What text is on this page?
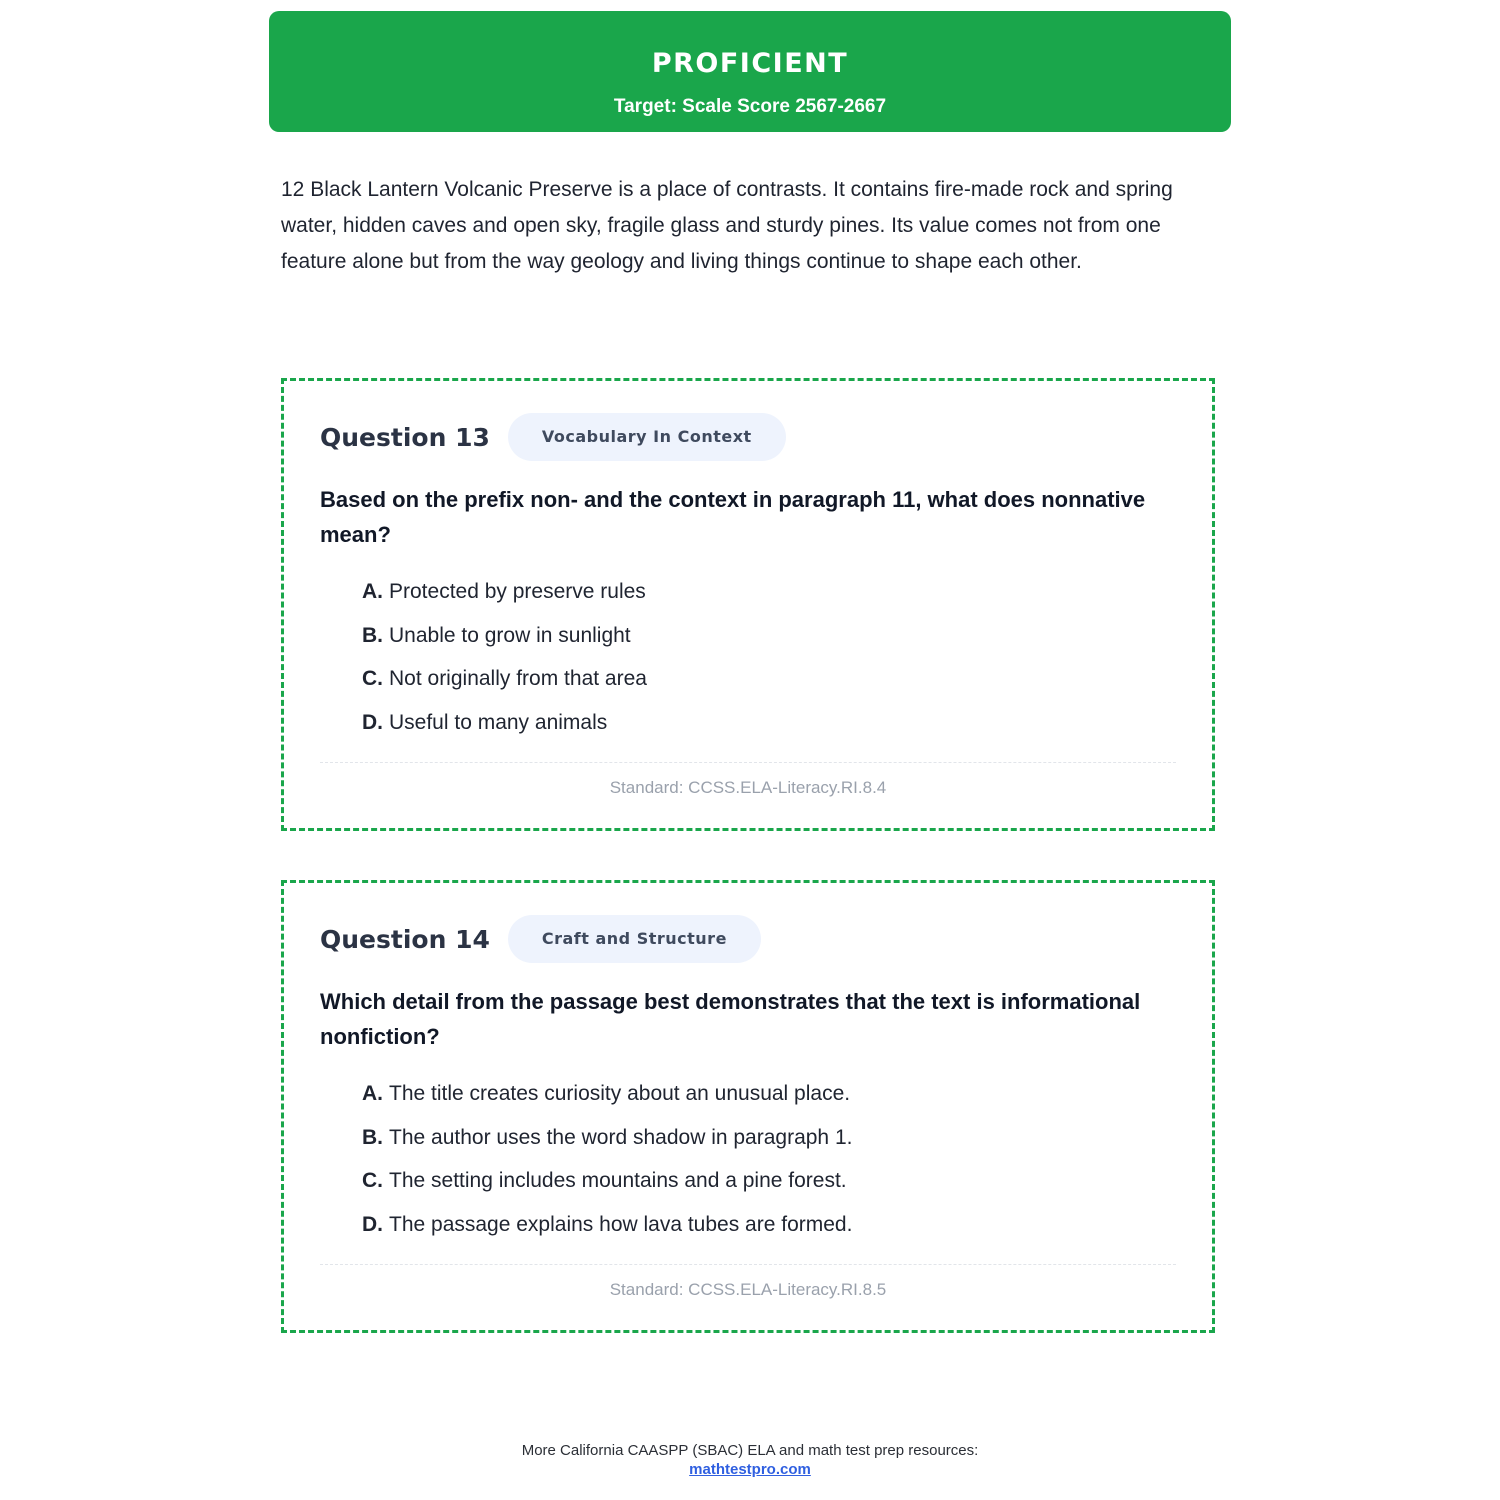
PROFICIENT
Target: Scale Score 2567-2667
12 Black Lantern Volcanic Preserve is a place of contrasts. It contains fire-made rock and spring water, hidden caves and open sky, fragile glass and sturdy pines. Its value comes not from one feature alone but from the way geology and living things continue to shape each other.
Question 13	Vocabulary In Context
Based on the prefix non- and the context in paragraph 11, what does nonnative mean?
A. Protected by preserve rules
B. Unable to grow in sunlight
C. Not originally from that area
D. Useful to many animals
Standard: CCSS.ELA-Literacy.RI.8.4
Question 14	Craft and Structure
Which detail from the passage best demonstrates that the text is informational nonfiction?
A. The title creates curiosity about an unusual place.
B. The author uses the word shadow in paragraph 1.
C. The setting includes mountains and a pine forest.
D. The passage explains how lava tubes are formed.
Standard: CCSS.ELA-Literacy.RI.8.5
More California CAASPP (SBAC) ELA and math test prep resources:
mathtestpro.com
